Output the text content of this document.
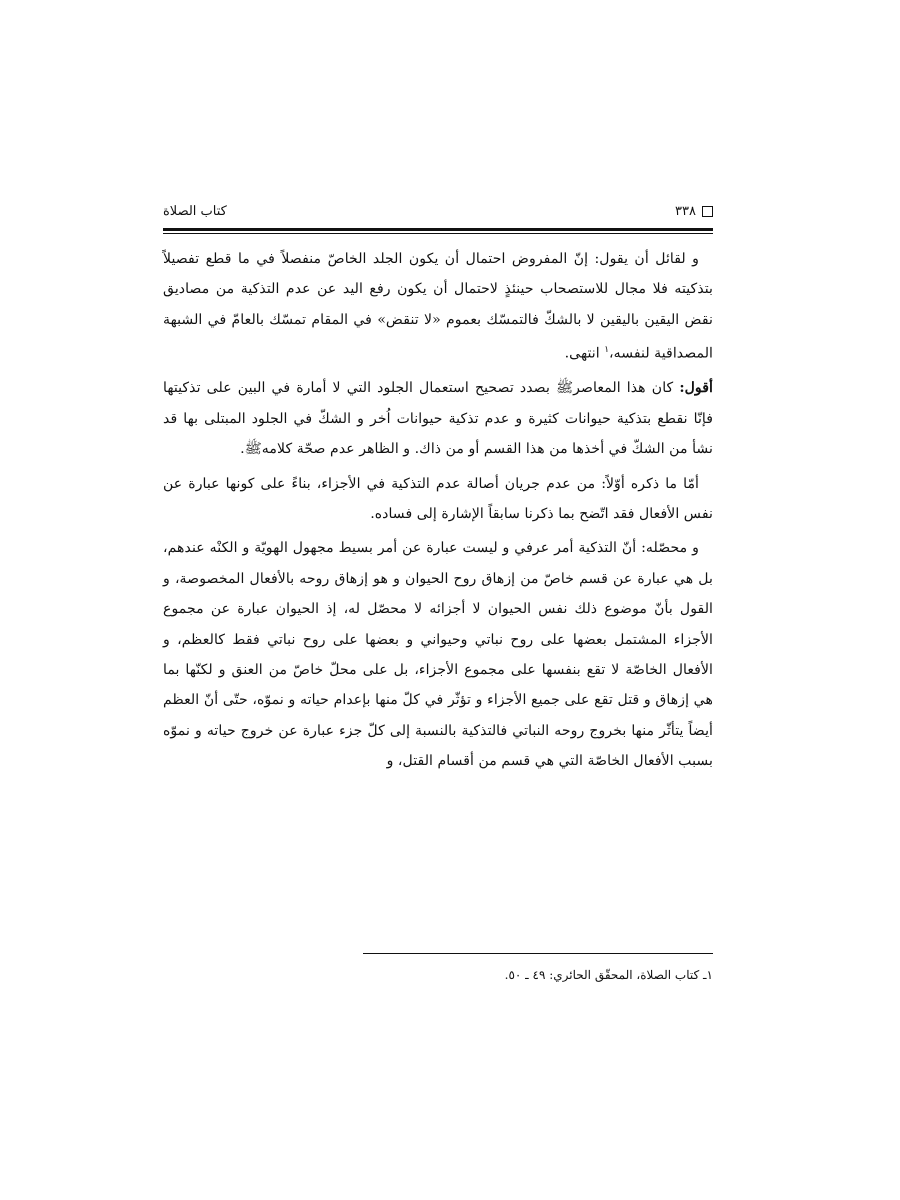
٣٣٨
كتاب الصلاة

و لقائل أن يقول: إنّ المفروض احتمال أن يكون الجلد الخاصّ منفصلاً في ما قطع تفصيلاً بتذكيته فلا مجال للاستصحاب حينئذٍ لاحتمال أن يكون رفع اليد عن عدم التذكية من مصاديق نقض اليقين باليقين لا بالشكّ فالتمسّك بعموم «لا تنقض» في المقام تمسّك بالعامّ في الشبهة المصداقية لنفسه،$^١$ انتهى.

أقول: كان هذا المعاصرﷺ بصدد تصحيح استعمال الجلود التي لا أمارة في البين على تذكيتها فإنّا نقطع بتذكية حيوانات كثيرة و عدم تذكية حيوانات اُخر و الشكّ في الجلود المبتلى بها قد نشأ من الشكّ في أخذها من هذا القسم أو من ذاك. و الظاهر عدم صحّة كلامهﷺ.

أمّا ما ذكره أوّلاً: من عدم جريان أصالة عدم التذكية في الأجزاء، بناءً على كونها عبارة عن نفس الأفعال فقد اتّضح بما ذكرنا سابقاً الإشارة إلى فساده.

و محصّله: أنّ التذكية أمر عرفي و ليست عبارة عن أمر بسيط مجهول الهويّة و الكنْه عندهم، بل هي عبارة عن قسم خاصّ من إزهاق روح الحيوان و هو إزهاق روحه بالأفعال المخصوصة، و القول بأنّ موضوع ذلك نفس الحيوان لا أجزائه لا محصّل له، إذ الحيوان عبارة عن مجموع الأجزاء المشتمل بعضها على روح نباتي وحيواني و بعضها على روح نباتي فقط كالعظم، و الأفعال الخاصّة لا تقع بنفسها على مجموع الأجزاء، بل على محلّ خاصّ من العنق و لكنّها بما هي إزهاق و قتل تقع على جميع الأجزاء و تؤثّر في كلّ منها بإعدام حياته و نموّه، حتّى أنّ العظم أيضاً يتأثّر منها بخروج روحه النباتي فالتذكية بالنسبة إلى كلّ جزء عبارة عن خروج حياته و نموّه بسبب الأفعال الخاصّة التي هي قسم من أقسام القتل، و

١ـ كتاب الصلاة، المحقّق الحائري: ٤٩ ـ ٥٠.
